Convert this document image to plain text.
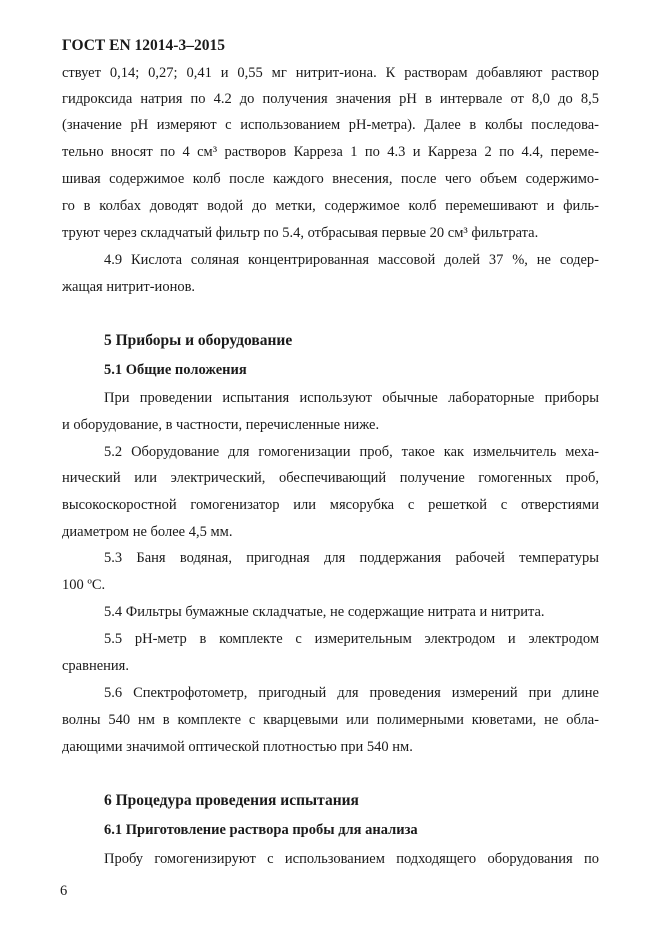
ГОСТ EN 12014-3–2015
ствует 0,14; 0,27; 0,41 и 0,55 мг нитрит-иона. К растворам добавляют раствор
гидроксида натрия по 4.2 до получения значения pH в интервале от 8,0 до 8,5
(значение pH измеряют с использованием pH-метра). Далее в колбы последова-
тельно вносят по 4 см³ растворов Карреза 1 по 4.3 и Карреза 2 по 4.4, переме-
шивая содержимое колб после каждого внесения, после чего объем содержимо-
го в колбах доводят водой до метки, содержимое колб перемешивают и филь-
труют через складчатый фильтр по 5.4, отбрасывая первые 20 см³ фильтрата.
4.9 Кислота соляная концентрированная массовой долей 37 %, не содер-
жащая нитрит-ионов.
5 Приборы и оборудование
5.1 Общие положения
При проведении испытания используют обычные лабораторные приборы
и оборудование, в частности, перечисленные ниже.
5.2 Оборудование для гомогенизации проб, такое как измельчитель меха-
нический или электрический, обеспечивающий получение гомогенных проб,
высокоскоростной гомогенизатор или мясорубка с решеткой с отверстиями
диаметром не более 4,5 мм.
5.3 Баня водяная, пригодная для поддержания рабочей температуры
100 ºC.
5.4 Фильтры бумажные складчатые, не содержащие нитрата и нитрита.
5.5 pH-метр в комплекте с измерительным электродом и электродом
сравнения.
5.6 Спектрофотометр, пригодный для проведения измерений при длине
волны 540 нм в комплекте с кварцевыми или полимерными кюветами, не обла-
дающими значимой оптической плотностью при 540 нм.
6 Процедура проведения испытания
6.1 Приготовление раствора пробы для анализа
Пробу гомогенизируют с использованием подходящего оборудования по
6
